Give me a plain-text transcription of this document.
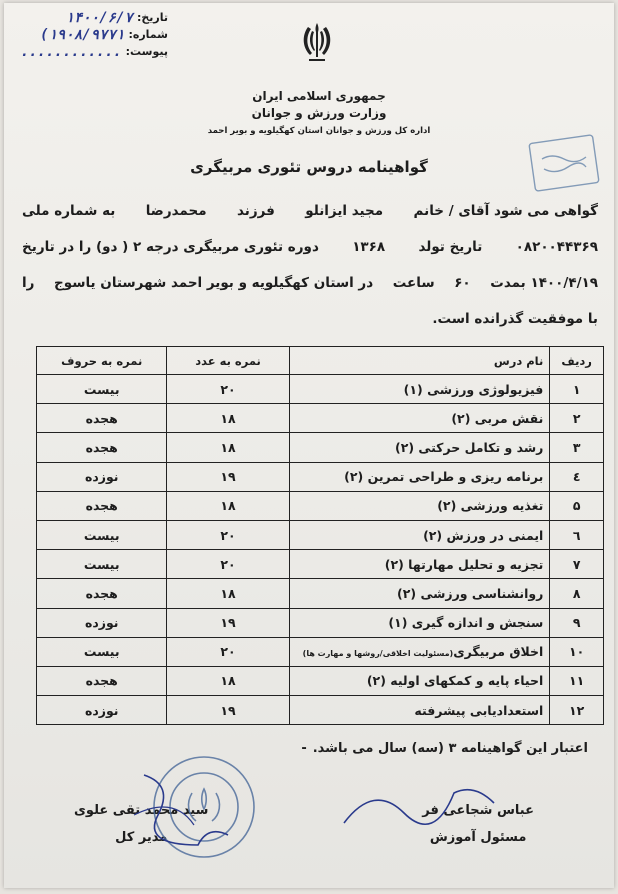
تاریخ:
۱۴۰۰/۶/۷
شماره:
(۱۹۰۸/۹۷۷۱
پیوست:
............
جمهوری اسلامی ایران
وزارت ورزش و جوانان
اداره کل ورزش و جوانان استان کهگیلویه و بویر احمد
گواهینامه دروس تئوری مربیگری
گواهی می شود آقای / خانم
مجید ایزانلو
فرزند
محمدرضا
به شماره ملی
۰۸۲۰۰۴۴۳۶۹
تاریخ تولد
۱۳۶۸
دوره تئوری مربیگری درجه ۲ ( دو) را در تاریخ
۱۴۰۰/۴/۱۹ بمدت
۶۰
ساعت
در استان کهگیلویه و بویر احمد شهرستان یاسوج
را
با موفقیت گذرانده است.
ردیف	نام درس	نمره به عدد	نمره به حروف
۱	فیزیولوژی ورزشی (۱)	۲۰	بیست
۲	نقش مربی (۲)	۱۸	هجده
۳	رشد و تکامل حرکتی (۲)	۱۸	هجده
٤	برنامه ریزی و طراحی تمرین (۲)	۱۹	نوزده
۵	تغذیه ورزشی (۲)	۱۸	هجده
٦	ایمنی در ورزش (۲)	۲۰	بیست
۷	تجزیه و تحلیل مهارتها (۲)	۲۰	بیست
۸	روانشناسی ورزشی (۲)	۱۸	هجده
۹	سنجش و اندازه گیری (۱)	۱۹	نوزده
۱۰	اخلاق مربیگری(مسئولیت اخلاقی/روشها و مهارت ها)	۲۰	بیست
۱۱	احیاء پایه و کمکهای اولیه (۲)	۱۸	هجده
۱۲	استعدادیابی پیشرفته	۱۹	نوزده
اعتبار این گواهینامه ۳ (سه) سال می باشد.-
عباس شجاعی فر
مسئول آموزش
سید محمد تقی علوی
مدیر کل
